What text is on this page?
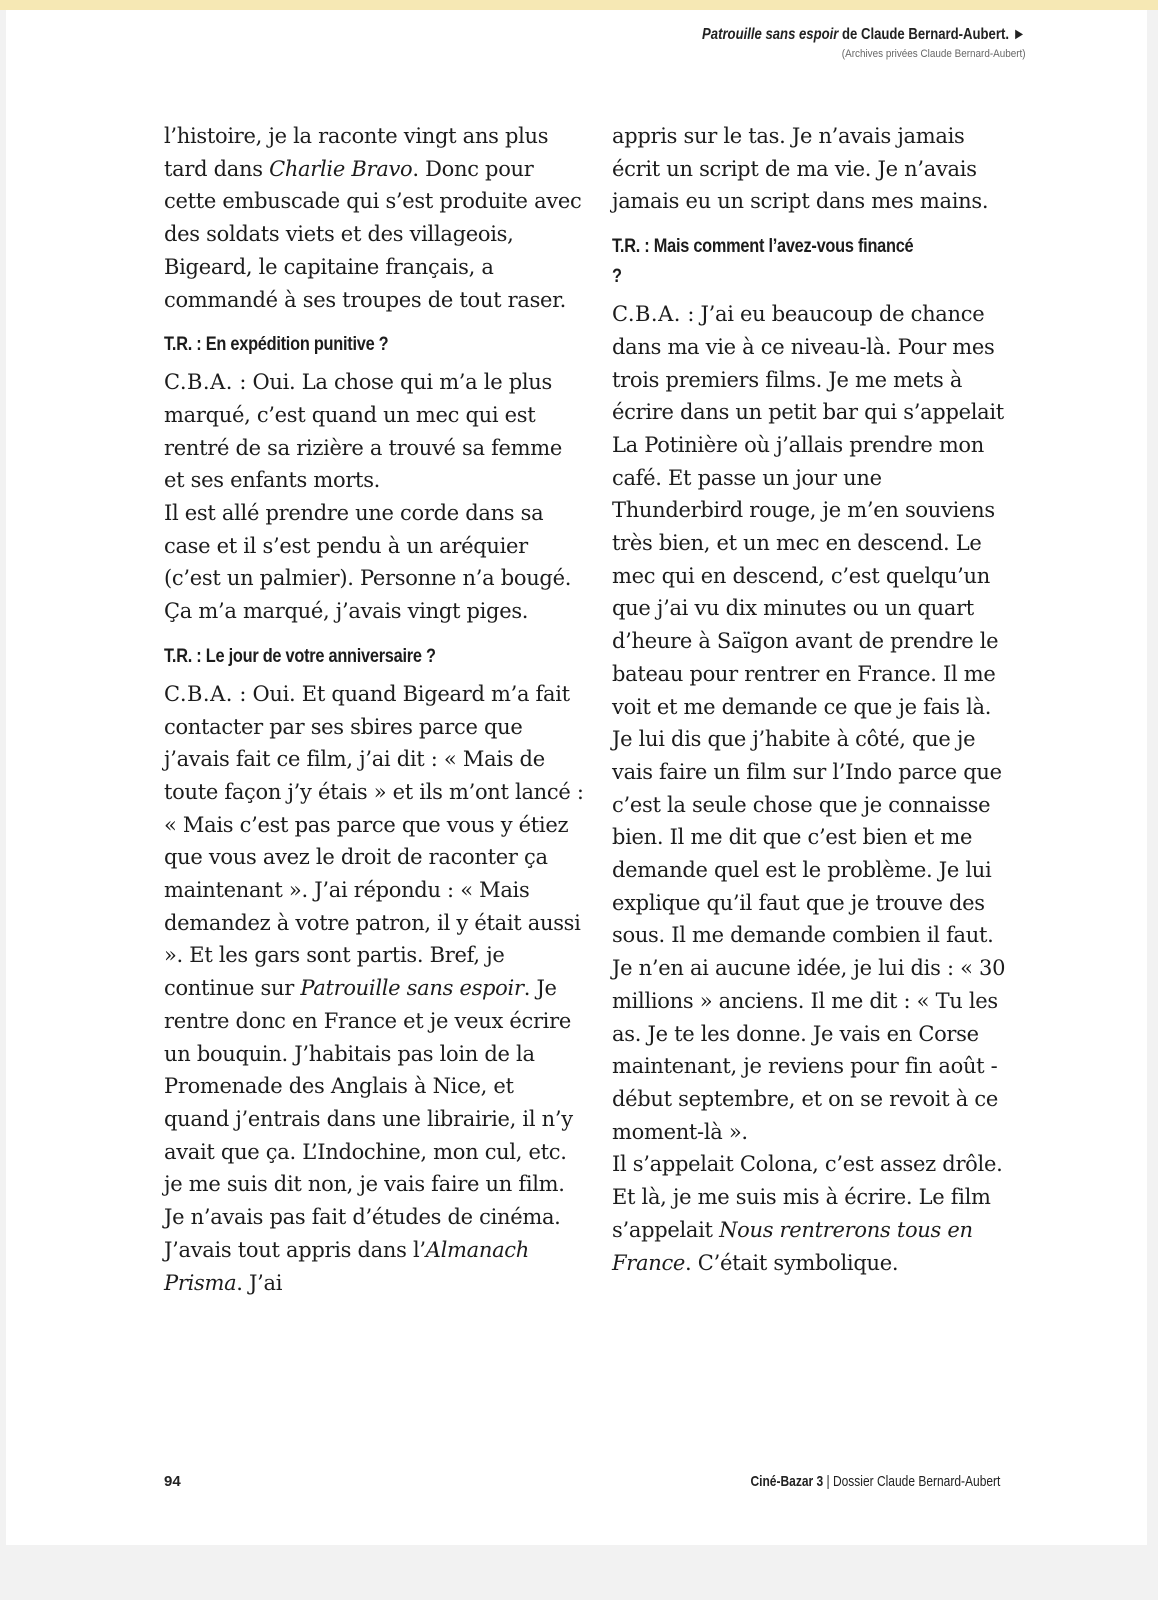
Patrouille sans espoir de Claude Bernard-Aubert. ►
(Archives privées Claude Bernard-Aubert)

l’histoire, je la raconte vingt ans plus tard dans Charlie Bravo. Donc pour cette embuscade qui s’est produite avec des soldats viets et des villageois, Bigeard, le capitaine français, a commandé à ses troupes de tout raser.

T.R. : En expédition punitive ?

C.B.A. : Oui. La chose qui m’a le plus marqué, c’est quand un mec qui est rentré de sa rizière a trouvé sa femme et ses enfants morts.

Il est allé prendre une corde dans sa case et il s’est pendu à un aréquier (c’est un palmier). Personne n’a bougé. Ça m’a marqué, j’avais vingt piges.

T.R. : Le jour de votre anniversaire ?

C.B.A. : Oui. Et quand Bigeard m’a fait contacter par ses sbires parce que j’avais fait ce film, j’ai dit : « Mais de toute façon j’y étais » et ils m’ont lancé : « Mais c’est pas parce que vous y étiez que vous avez le droit de raconter ça maintenant ». J’ai répondu : « Mais demandez à votre patron, il y était aussi ». Et les gars sont partis. Bref, je continue sur Patrouille sans espoir. Je rentre donc en France et je veux écrire un bouquin. J’habitais pas loin de la Promenade des Anglais à Nice, et quand j’entrais dans une librairie, il n’y avait que ça. L’Indochine, mon cul, etc. je me suis dit non, je vais faire un film. Je n’avais pas fait d’études de cinéma. J’avais tout appris dans l’Almanach Prisma. J’ai

appris sur le tas. Je n’avais jamais écrit un script de ma vie. Je n’avais jamais eu un script dans mes mains.

T.R. : Mais comment l’avez-vous financé ?

C.B.A. : J’ai eu beaucoup de chance dans ma vie à ce niveau-là. Pour mes trois premiers films. Je me mets à écrire dans un petit bar qui s’appelait La Potinière où j’allais prendre mon café. Et passe un jour une Thunderbird rouge, je m’en souviens très bien, et un mec en descend. Le mec qui en descend, c’est quelqu’un que j’ai vu dix minutes ou un quart d’heure à Saïgon avant de prendre le bateau pour rentrer en France. Il me voit et me demande ce que je fais là. Je lui dis que j’habite à côté, que je vais faire un film sur l’Indo parce que c’est la seule chose que je connaisse bien. Il me dit que c’est bien et me demande quel est le problème. Je lui explique qu’il faut que je trouve des sous. Il me demande combien il faut. Je n’en ai aucune idée, je lui dis : « 30 millions » anciens. Il me dit : « Tu les as. Je te les donne. Je vais en Corse maintenant, je reviens pour fin août - début septembre, et on se revoit à ce moment-là ».

Il s’appelait Colona, c’est assez drôle. Et là, je me suis mis à écrire. Le film s’appelait Nous rentrerons tous en France. C’était symbolique.

94	Ciné-Bazar 3 | Dossier Claude Bernard-Aubert
